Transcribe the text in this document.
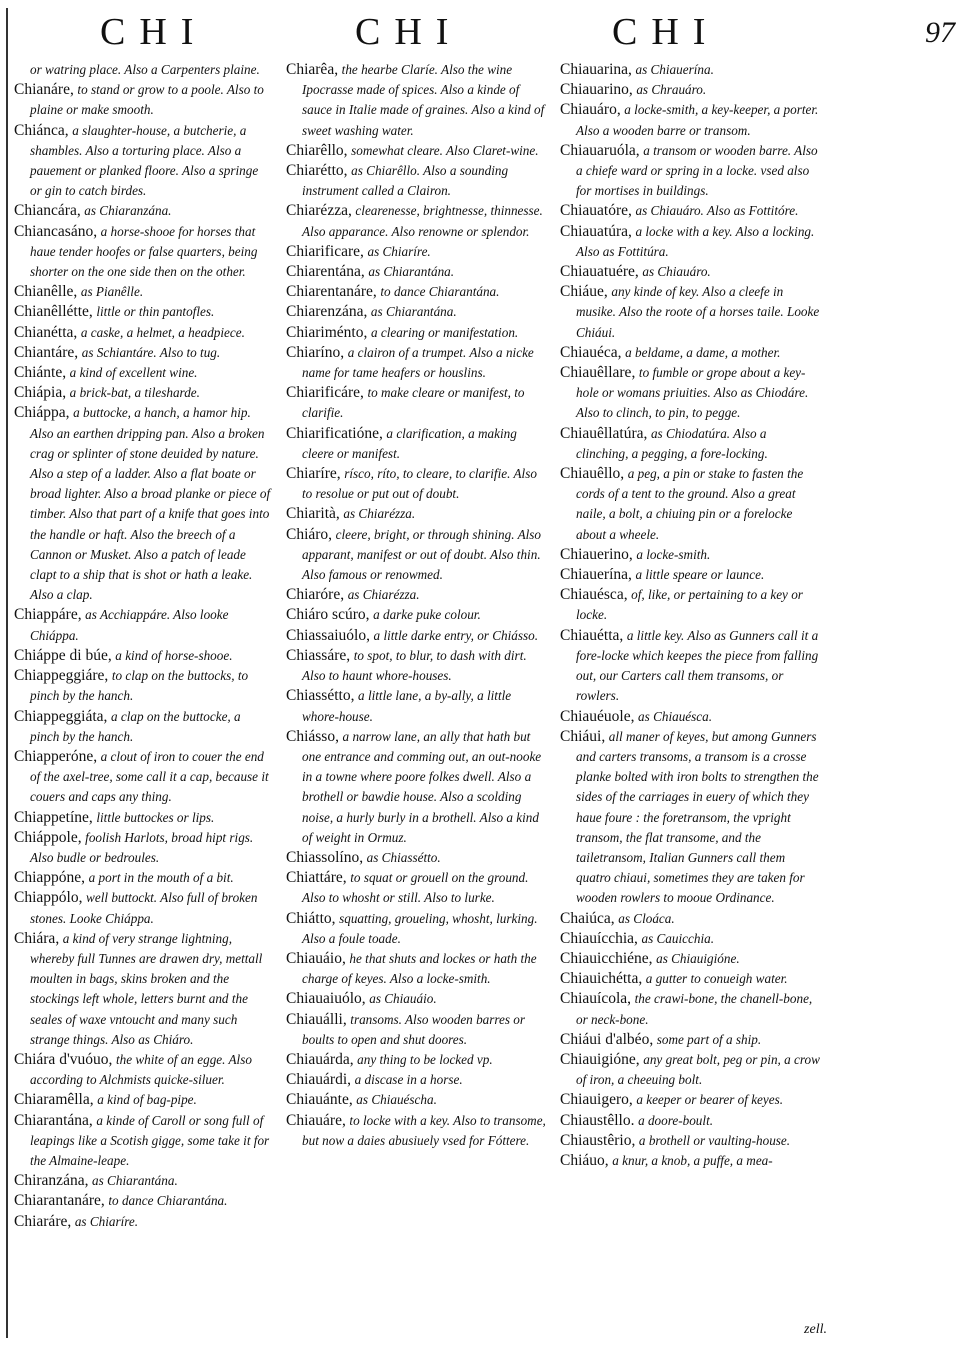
CHI	CHI	CHI	97

or watring place. Also a Carpenters plaine.

Chianáre, to stand or grow to a poole. Also to plaine or make smooth.

Chiánca, a slaughter-house, a butcherie, a shambles. Also a torturing place. Also a pauement or planked floore. Also a springe or gin to catch birdes.

Chiancára, as Chiaranzána.

Chiancasáno, a horse-shooe for horses that haue tender hoofes or false quarters, being shorter on the one side then on the other.

Chianêlle, as Pianêlle.

Chianêllétte, little or thin pantofles.

Chianétta, a caske, a helmet, a headpiece.

Chiantáre, as Schiantáre. Also to tug.

Chiánte, a kind of excellent wine.

Chiápia, a brick-bat, a tilesharde.

Chiáppa, a buttocke, a hanch, a hamor hip. Also an earthen dripping pan. Also a broken crag or splinter of stone deuided by nature. Also a step of a ladder. Also a flat boate or broad lighter. Also a broad planke or piece of timber. Also that part of a knife that goes into the handle or haft. Also the breech of a Cannon or Musket. Also a patch of leade clapt to a ship that is shot or hath a leake. Also a clap.

Chiappáre, as Acchiappáre. Also looke Chiáppa.

Chiáppe di búe, a kind of horse-shooe.

Chiappeggiáre, to clap on the buttocks, to pinch by the hanch.

Chiappeggiáta, a clap on the buttocke, a pinch by the hanch.

Chiapperóne, a clout of iron to couer the end of the axel-tree, some call it a cap, because it couers and caps any thing.

Chiappetíne, little buttockes or lips.

Chiáppole, foolish Harlots, broad hipt rigs. Also budle or bedroules.

Chiappóne, a port in the mouth of a bit.

Chiappólo, well buttockt. Also full of broken stones. Looke Chiáppa.

Chiára, a kind of very strange lightning, whereby full Tunnes are drawen dry, mettall moulten in bags, skins broken and the stockings left whole, letters burnt and the seales of waxe vntoucht and many such strange things. Also as Chiáro.

Chiára d'vuóuo, the white of an egge. Also according to Alchmists quicke-siluer.

Chiaramêlla, a kind of bag-pipe.

Chiarantána, a kinde of Caroll or song full of leapings like a Scotish gigge, some take it for the Almaine-leape.

Chiranzána, as Chiarantána.

Chiarantanáre, to dance Chiarantána.

Chiaráre, as Chiaríre.

Chiarêa, the hearbe Claríe. Also the wine Ipocrasse made of spices. Also a kinde of sauce in Italie made of graines. Also a kind of sweet washing water.

Chiarêllo, somewhat cleare. Also Claret-wine.

Chiarétto, as Chiarêllo. Also a sounding instrument called a Clairon.

Chiarézza, clearenesse, brightnesse, thinnesse. Also apparance. Also renowne or splendor.

Chiarificare, as Chiaríre.

Chiarentána, as Chiarantána.

Chiarentanáre, to dance Chiarantána.

Chiarenzána, as Chiarantána.

Chiariménto, a clearing or manifestation.

Chiaríno, a clairon of a trumpet. Also a nicke name for tame heafers or houslins.

Chiarificáre, to make cleare or manifest, to clarifie.

Chiarificatióne, a clarification, a making cleere or manifest.

Chiaríre, rísco, ríto, to cleare, to clarifie. Also to resolue or put out of doubt.

Chiarità, as Chiarézza.

Chiáro, cleere, bright, or through shining. Also apparant, manifest or out of doubt. Also thin. Also famous or renowmed.

Chiaróre, as Chiarézza.

Chiáro scúro, a darke puke colour.

Chiassaiuólo, a little darke entry, or Chiásso.

Chiassáre, to spot, to blur, to dash with dirt. Also to haunt whore-houses.

Chiassétto, a little lane, a by-ally, a little whore-house.

Chiásso, a narrow lane, an ally that hath but one entrance and comming out, an out-nooke in a towne where poore folkes dwell. Also a brothell or bawdie house. Also a scolding noise, a hurly burly in a brothell. Also a kind of weight in Ormuz.

Chiassolíno, as Chiassétto.

Chiattáre, to squat or grouell on the ground. Also to whosht or still. Also to lurke.

Chiátto, squatting, groueling, whosht, lurking. Also a foule toade.

Chiauáio, he that shuts and lockes or hath the charge of keyes. Also a locke-smith.

Chiauaiuólo, as Chiauáio.

Chiauálli, transoms. Also wooden barres or boults to open and shut doores.

Chiauárda, any thing to be locked vp.

Chiauárdi, a discase in a horse.

Chiauánte, as Chiauéscha.

Chiauáre, to locke with a key. Also to transome, but now a daies abusiuely vsed for Fóttere.

Chiauarina, as Chiauerína.

Chiauarino, as Chrauáro.

Chiauáro, a locke-smith, a key-keeper, a porter. Also a wooden barre or transom.

Chiauaruóla, a transom or wooden barre. Also a chiefe ward or spring in a locke. vsed also for mortises in buildings.

Chiauatóre, as Chiauáro. Also as Fottitóre.

Chiauatúra, a locke with a key. Also a locking. Also as Fottitúra.

Chiauatuére, as Chiauáro.

Chiáue, any kinde of key. Also a cleefe in musike. Also the roote of a horses taile. Looke Chiáui.

Chiauéca, a beldame, a dame, a mother.

Chiauêllare, to fumble or grope about a key-hole or womans priuities. Also as Chiodáre. Also to clinch, to pin, to pegge.

Chiauêllatúra, as Chiodatúra. Also a clinching, a pegging, a fore-locking.

Chiauêllo, a peg, a pin or stake to fasten the cords of a tent to the ground. Also a great naile, a bolt, a chiuing pin or a forelocke about a wheele.

Chiauerino, a locke-smith.

Chiauerína, a little speare or launce.

Chiauésca, of, like, or pertaining to a key or locke.

Chiauétta, a little key. Also as Gunners call it a fore-locke which keepes the piece from falling out, our Carters call them transoms, or rowlers.

Chiauéuole, as Chiauésca.

Chiáui, all maner of keyes, but among Gunners and carters transoms, a transom is a crosse planke bolted with iron bolts to strengthen the sides of the carriages in euery of which they haue foure : the foretransom, the vpright transom, the flat transome, and the tailetransom, Italian Gunners call them quatro chiaui, sometimes they are taken for wooden rowlers to mooue Ordinance.

Chaiúca, as Cloáca.

Chiauícchia, as Cauicchia.

Chiauicchiéne, as Chiauigióne.

Chiauichétta, a gutter to conueigh water.

Chiauícola, the crawi-bone, the chanell-bone, or neck-bone.

Chiáui d'albéo, some part of a ship.

Chiauigióne, any great bolt, peg or pin, a crow of iron, a cheeuing bolt.

Chiauigero, a keeper or bearer of keyes.

Chiaustêllo. a doore-boult.

Chiaustêrio, a brothell or vaulting-house.

Chiáuo, a knur, a knob, a puffe, a mea-

zell.
